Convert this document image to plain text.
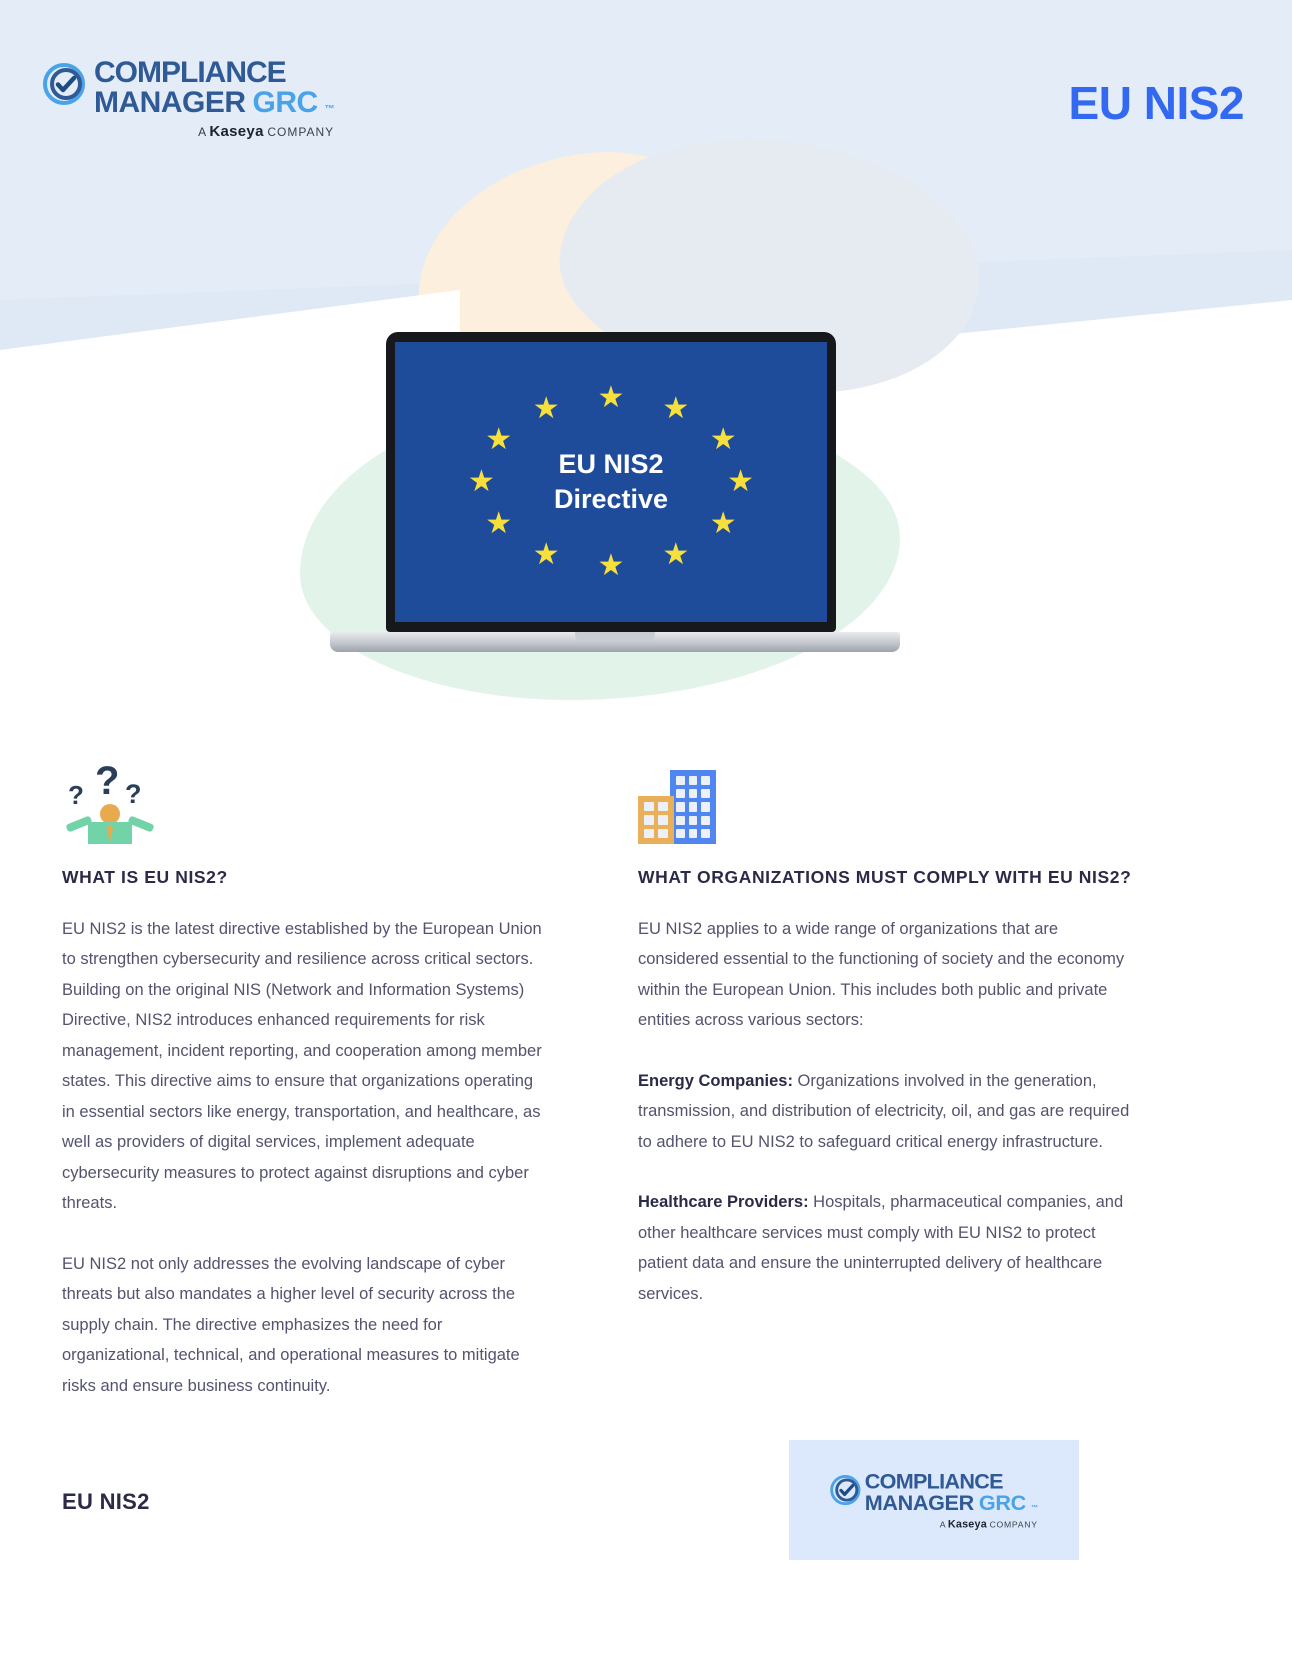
COMPLIANCE
MANAGER GRC ™
A Kaseya COMPANY
EU NIS2
★ ★
★
★
★
★
★
★
★
★
★
★
EU NIS2
Directive
? ? ?
WHAT IS EU NIS2?

EU NIS2 is the latest directive established by the European Union to strengthen cybersecurity and resilience across critical sectors. Building on the original NIS (Network and Information Systems) Directive, NIS2 introduces enhanced requirements for risk management, incident reporting, and cooperation among member states. This directive aims to ensure that organizations operating in essential sectors like energy, transportation, and healthcare, as well as providers of digital services, implement adequate cybersecurity measures to protect against disruptions and cyber threats.

EU NIS2 not only addresses the evolving landscape of cyber threats but also mandates a higher level of security across the supply chain. The directive emphasizes the need for organizational, technical, and operational measures to mitigate risks and ensure business continuity.

WHAT ORGANIZATIONS MUST COMPLY WITH EU NIS2?

EU NIS2 applies to a wide range of organizations that are considered essential to the functioning of society and the economy within the European Union. This includes both public and private entities across various sectors:

Energy Companies: Organizations involved in the generation, transmission, and distribution of electricity, oil, and gas are required to adhere to EU NIS2 to safeguard critical energy infrastructure.

Healthcare Providers: Hospitals, pharmaceutical companies, and other healthcare services must comply with EU NIS2 to protect patient data and ensure the uninterrupted delivery of healthcare services.

EU NIS2
COMPLIANCE
MANAGER GRC ™
A Kaseya COMPANY
